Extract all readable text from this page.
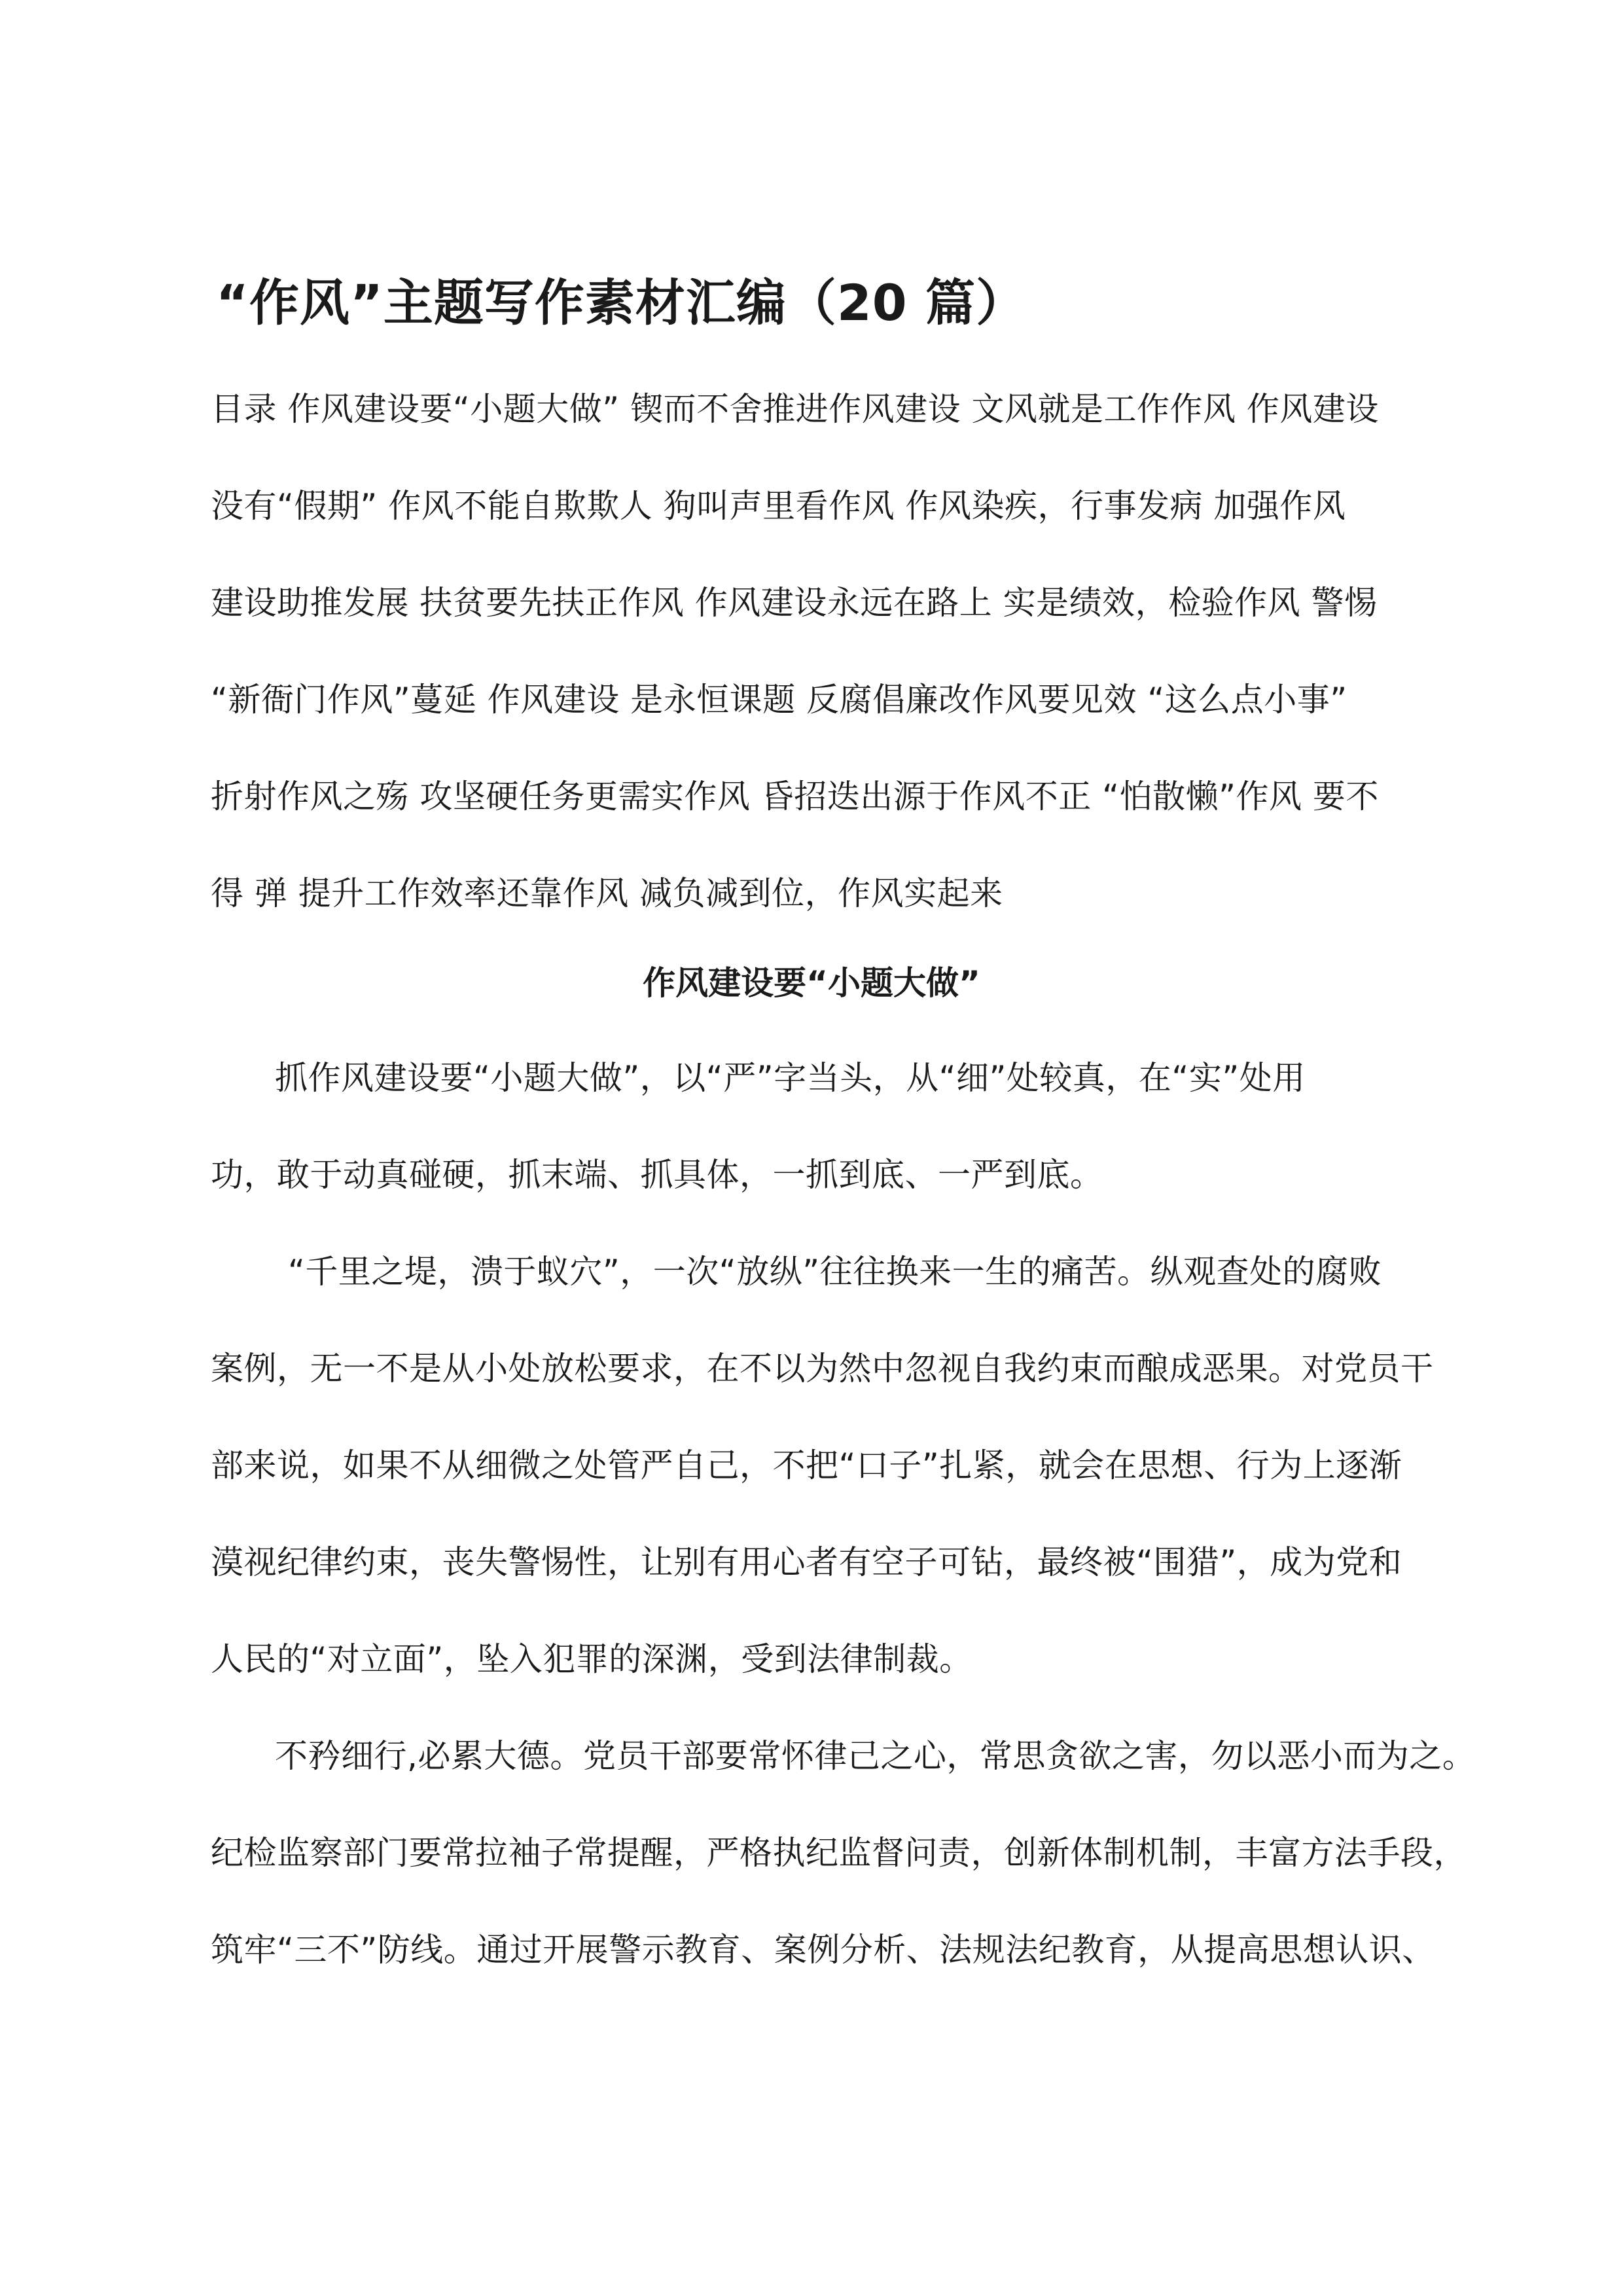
“作风”主题写作素材汇编（20 篇）
目录 作风建设要“小题大做” 锲而不舍推进作风建设 文风就是工作作风 作风建设
没有“假期” 作风不能自欺欺人 狗叫声里看作风 作风染疾，行事发病 加强作风
建设助推发展 扶贫要先扶正作风 作风建设永远在路上 实是绩效，检验作风 警惕
“新衙门作风”蔓延 作风建设 是永恒课题 反腐倡廉改作风要见效 “这么点小事”
折射作风之殇 攻坚硬任务更需实作风 昏招迭出源于作风不正 “怕散懒”作风 要不
得 弹 提升工作效率还靠作风 减负减到位，作风实起来
作风建设要“小题大做”
抓作风建设要“小题大做”，以“严”字当头，从“细”处较真，在“实”处用
功，敢于动真碰硬，抓末端、抓具体，一抓到底、一严到底。
“千里之堤，溃于蚁穴”，一次“放纵”往往换来一生的痛苦。纵观查处的腐败
案例，无一不是从小处放松要求，在不以为然中忽视自我约束而酿成恶果。对党员干
部来说，如果不从细微之处管严自己，不把“口子”扎紧，就会在思想、行为上逐渐
漠视纪律约束，丧失警惕性，让别有用心者有空子可钻，最终被“围猎”，成为党和
人民的“对立面”，坠入犯罪的深渊，受到法律制裁。
不矜细行,必累大德。党员干部要常怀律己之心，常思贪欲之害，勿以恶小而为之。
纪检监察部门要常拉袖子常提醒，严格执纪监督问责，创新体制机制，丰富方法手段，
筑牢“三不”防线。通过开展警示教育、案例分析、法规法纪教育，从提高思想认识、
